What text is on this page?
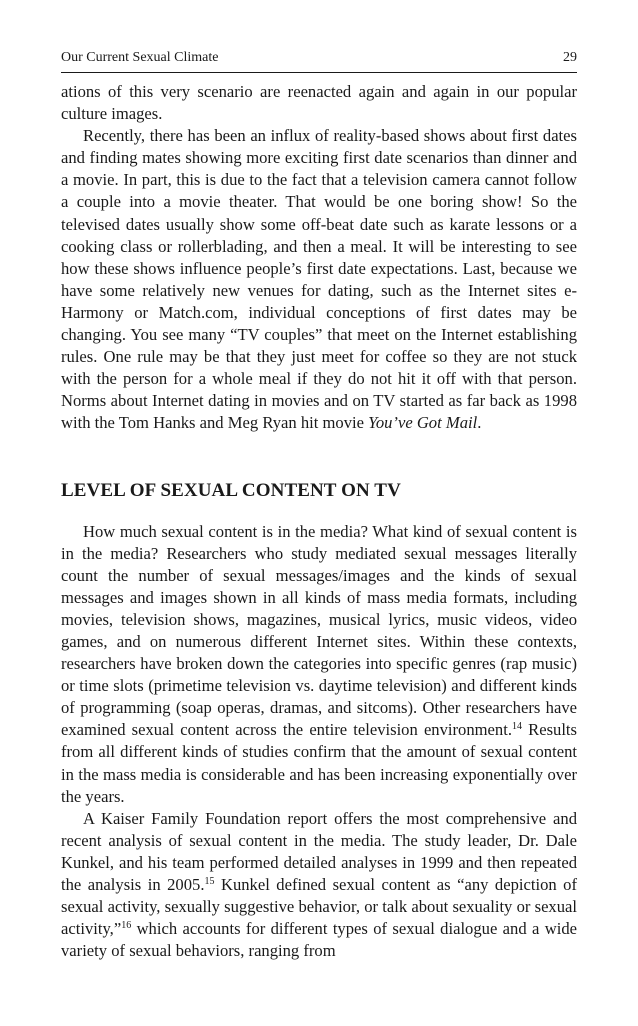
Our Current Sexual Climate	29

ations of this very scenario are reenacted again and again in our popular culture images.

Recently, there has been an influx of reality-based shows about first dates and finding mates showing more exciting first date scenarios than dinner and a movie. In part, this is due to the fact that a television camera cannot follow a couple into a movie theater. That would be one boring show! So the televised dates usually show some off-beat date such as karate lessons or a cooking class or rollerblading, and then a meal. It will be interesting to see how these shows influence people’s first date expectations. Last, because we have some relatively new venues for dating, such as the Internet sites e-Harmony or Match.com, individual conceptions of first dates may be changing. You see many “TV couples” that meet on the Internet establishing rules. One rule may be that they just meet for coffee so they are not stuck with the person for a whole meal if they do not hit it off with that person. Norms about Internet dating in movies and on TV started as far back as 1998 with the Tom Hanks and Meg Ryan hit movie You’ve Got Mail.

LEVEL OF SEXUAL CONTENT ON TV

How much sexual content is in the media? What kind of sexual content is in the media? Researchers who study mediated sexual messages literally count the number of sexual messages/images and the kinds of sexual messages and images shown in all kinds of mass media formats, including movies, television shows, magazines, musical lyrics, music videos, video games, and on numerous different Internet sites. Within these contexts, researchers have broken down the categories into specific genres (rap music) or time slots (primetime television vs. daytime television) and different kinds of programming (soap operas, dramas, and sitcoms). Other researchers have examined sexual content across the entire television environment.$^{14}$ Results from all different kinds of studies confirm that the amount of sexual content in the mass media is considerable and has been increasing exponentially over the years.

A Kaiser Family Foundation report offers the most comprehensive and recent analysis of sexual content in the media. The study leader, Dr. Dale Kunkel, and his team performed detailed analyses in 1999 and then repeated the analysis in 2005.15 Kunkel defined sexual content as “any depiction of sexual activity, sexually suggestive behavior, or talk about sexuality or sexual activity,”$^{16}$ which accounts for different types of sexual dialogue and a wide variety of sexual behaviors, ranging from
